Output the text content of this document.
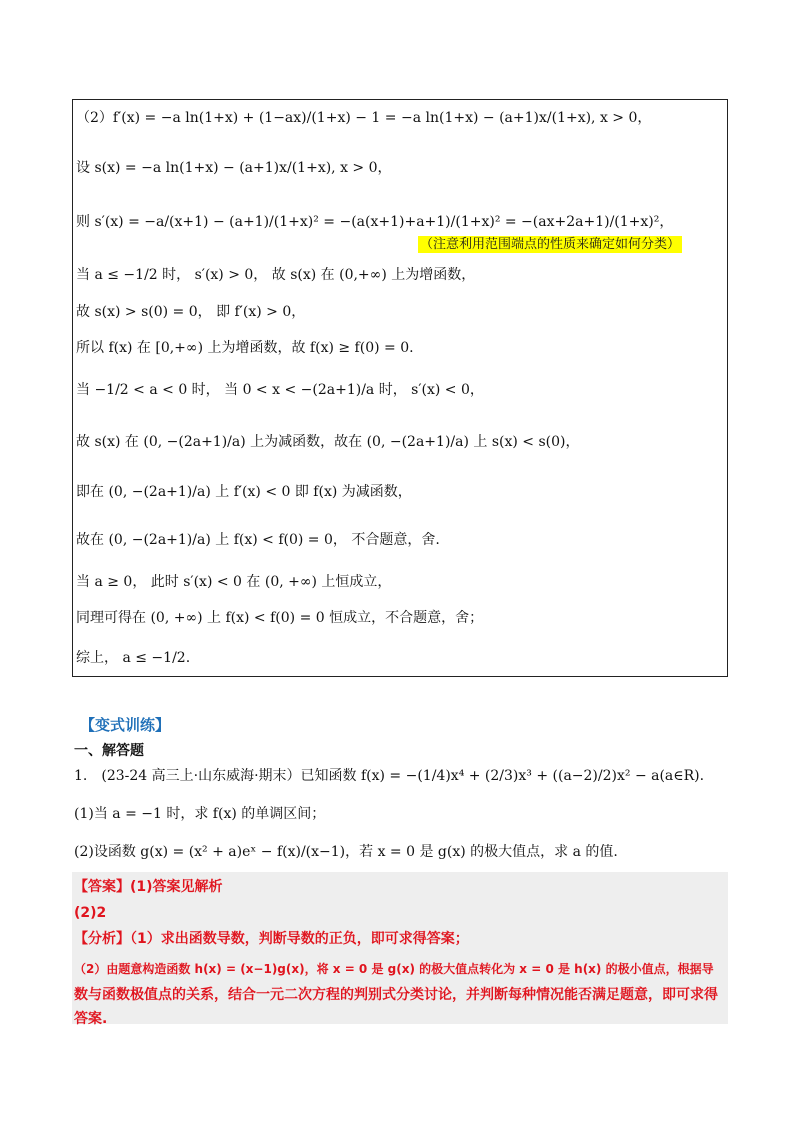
（2）f′(x) = −a ln(1+x) + (1−ax)/(1+x) − 1 = −a ln(1+x) − (a+1)x/(1+x), x > 0，
设 s(x) = −a ln(1+x) − (a+1)x/(1+x), x > 0，
则 s′(x) = −a/(x+1) − (a+1)/(1+x)² = −(a(x+1)+a+1)/(1+x)² = −(ax+2a+1)/(1+x)²，
（注意利用范围端点的性质来确定如何分类）
当 a ≤ −1/2 时， s′(x) > 0， 故 s(x) 在 (0,+∞) 上为增函数，
故 s(x) > s(0) = 0， 即 f′(x) > 0，
所以 f(x) 在 [0,+∞) 上为增函数，故 f(x) ≥ f(0) = 0.
当 −1/2 < a < 0 时， 当 0 < x < −(2a+1)/a 时， s′(x) < 0，
故 s(x) 在 (0, −(2a+1)/a) 上为减函数，故在 (0, −(2a+1)/a) 上 s(x) < s(0)，
即在 (0, −(2a+1)/a) 上 f′(x) < 0 即 f(x) 为减函数，
故在 (0, −(2a+1)/a) 上 f(x) < f(0) = 0， 不合题意，舍.
当 a ≥ 0， 此时 s′(x) < 0 在 (0, +∞) 上恒成立，
同理可得在 (0, +∞) 上 f(x) < f(0) = 0 恒成立，不合题意，舍；
综上， a ≤ −1/2.
【变式训练】
一、解答题
1.　(23-24 高三上·山东威海·期末）已知函数 f(x) = −(1/4)x⁴ + (2/3)x³ + ((a−2)/2)x² − a(a∈R).
(1)当 a = −1 时，求 f(x) 的单调区间；
(2)设函数 g(x) = (x² + a)eˣ − f(x)/(x−1)，若 x = 0 是 g(x) 的极大值点，求 a 的值.
【答案】(1)答案见解析
(2)2
【分析】（1）求出函数导数，判断导数的正负，即可求得答案；
（2）由题意构造函数 h(x) = (x−1)g(x)，将 x = 0 是 g(x) 的极大值点转化为 x = 0 是 h(x) 的极小值点，根据导
数与函数极值点的关系，结合一元二次方程的判别式分类讨论，并判断每种情况能否满足题意，即可求得
答案.
